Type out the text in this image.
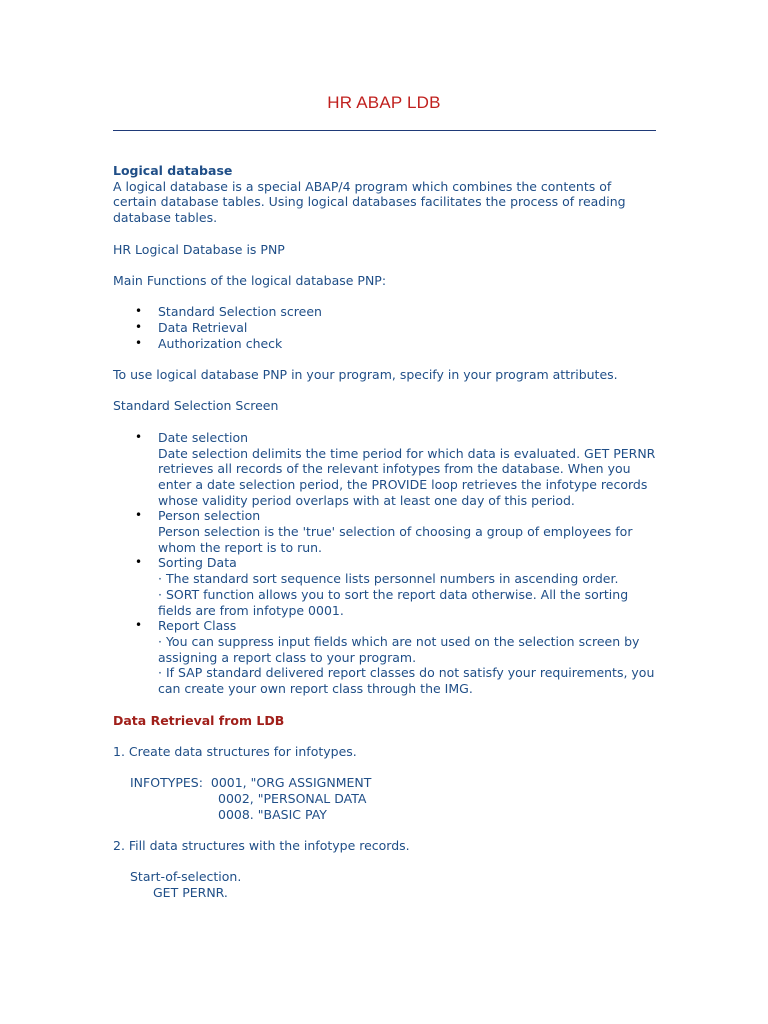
HR ABAP LDB

Logical database

A logical database is a special ABAP/4 program which combines the contents of certain database tables. Using logical databases facilitates the process of reading database tables.

HR Logical Database is PNP

Main Functions of the logical database PNP:

• Standard Selection screen
• Data Retrieval
• Authorization check

To use logical database PNP in your program, specify in your program attributes.

Standard Selection Screen

• Date selection
Date selection delimits the time period for which data is evaluated. GET PERNR retrieves all records of the relevant infotypes from the database. When you enter a date selection period, the PROVIDE loop retrieves the infotype records whose validity period overlaps with at least one day of this period.
• Person selection
Person selection is the 'true' selection of choosing a group of employees for whom the report is to run.
• Sorting Data
· The standard sort sequence lists personnel numbers in ascending order.
· SORT function allows you to sort the report data otherwise. All the sorting fields are from infotype 0001.
• Report Class
· You can suppress input fields which are not used on the selection screen by assigning a report class to your program.
· If SAP standard delivered report classes do not satisfy your requirements, you can create your own report class through the IMG.

Data Retrieval from LDB

1. Create data structures for infotypes.

INFOTYPES:  0001, "ORG ASSIGNMENT

0002, "PERSONAL DATA

0008. "BASIC PAY

2. Fill data structures with the infotype records.

Start-of-selection.

GET PERNR.
